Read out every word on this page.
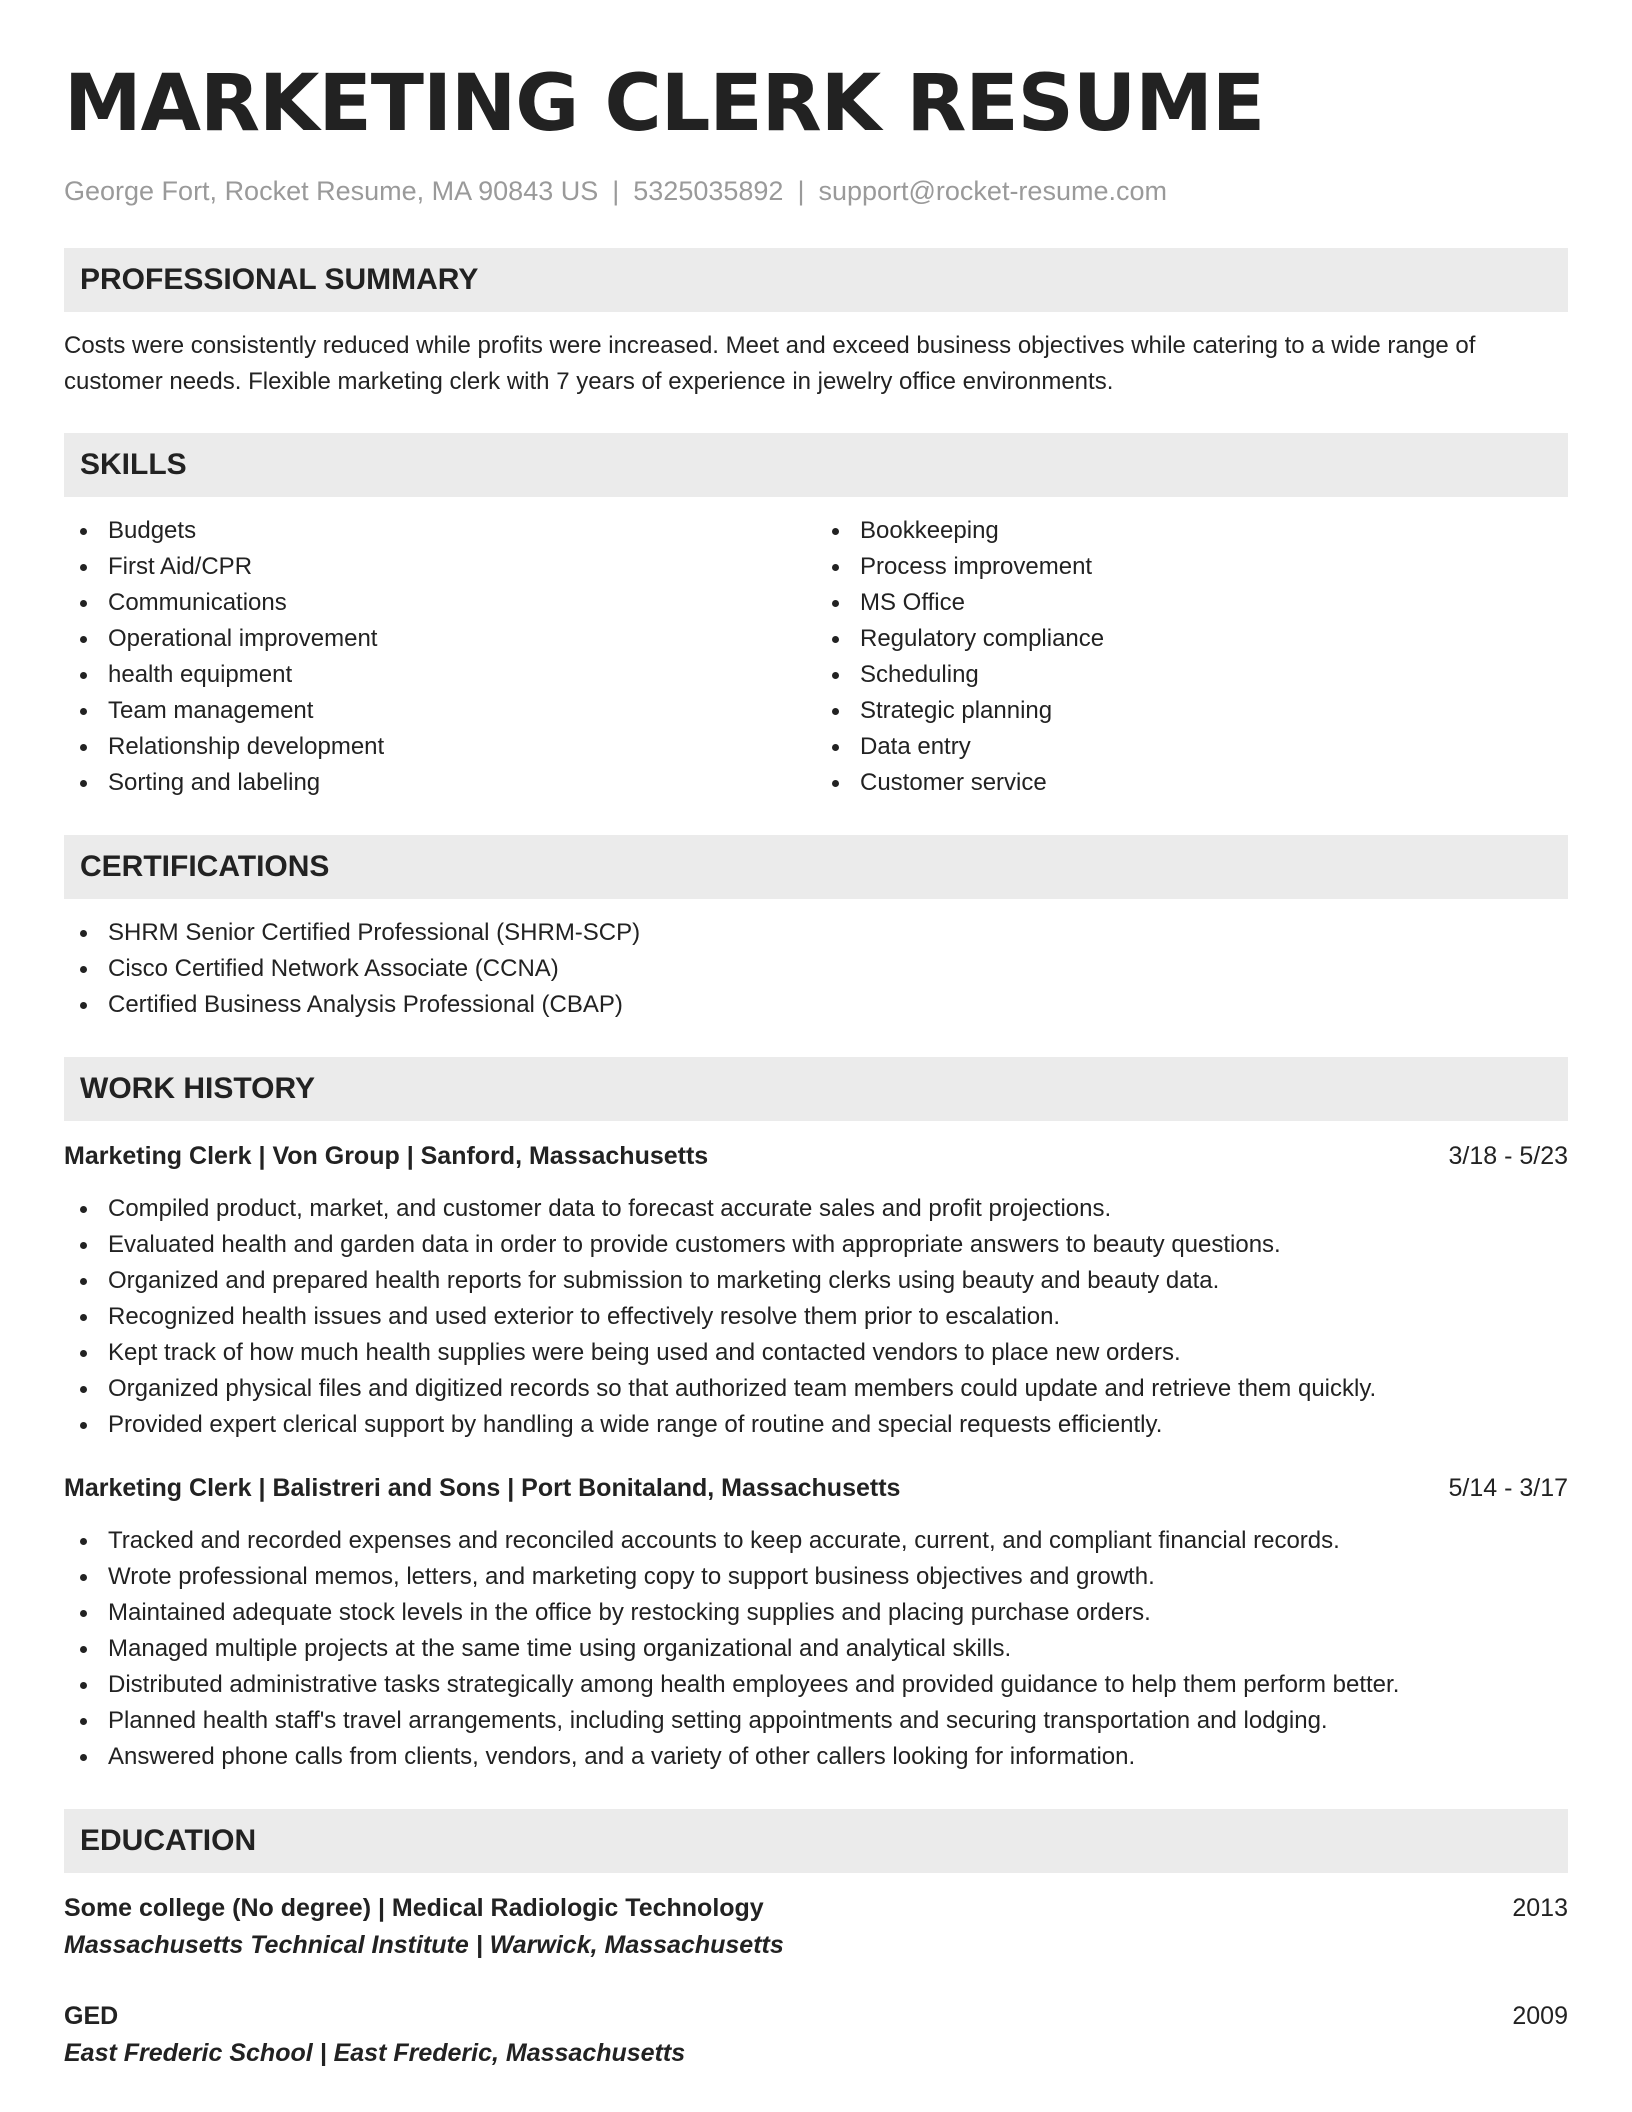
MARKETING CLERK RESUME
George Fort, Rocket Resume, MA 90843 US | 5325035892 | support@rocket-resume.com
PROFESSIONAL SUMMARY

Costs were consistently reduced while profits were increased. Meet and exceed business objectives while catering to a wide range of customer needs. Flexible marketing clerk with 7 years of experience in jewelry office environments.

SKILLS
Budgets
First Aid/CPR
Communications
Operational improvement
health equipment
Team management
Relationship development
Sorting and labeling
Bookkeeping
Process improvement
MS Office
Regulatory compliance
Scheduling
Strategic planning
Data entry
Customer service
CERTIFICATIONS
SHRM Senior Certified Professional (SHRM-SCP)
Cisco Certified Network Associate (CCNA)
Certified Business Analysis Professional (CBAP)
WORK HISTORY
Marketing Clerk | Von Group | Sanford, Massachusetts	3/18 - 5/23
Compiled product, market, and customer data to forecast accurate sales and profit projections.
Evaluated health and garden data in order to provide customers with appropriate answers to beauty questions.
Organized and prepared health reports for submission to marketing clerks using beauty and beauty data.
Recognized health issues and used exterior to effectively resolve them prior to escalation.
Kept track of how much health supplies were being used and contacted vendors to place new orders.
Organized physical files and digitized records so that authorized team members could update and retrieve them quickly.
Provided expert clerical support by handling a wide range of routine and special requests efficiently.
Marketing Clerk | Balistreri and Sons | Port Bonitaland, Massachusetts	5/14 - 3/17
Tracked and recorded expenses and reconciled accounts to keep accurate, current, and compliant financial records.
Wrote professional memos, letters, and marketing copy to support business objectives and growth.
Maintained adequate stock levels in the office by restocking supplies and placing purchase orders.
Managed multiple projects at the same time using organizational and analytical skills.
Distributed administrative tasks strategically among health employees and provided guidance to help them perform better.
Planned health staff's travel arrangements, including setting appointments and securing transportation and lodging.
Answered phone calls from clients, vendors, and a variety of other callers looking for information.
EDUCATION
Some college (No degree) | Medical Radiologic Technology	2013
Massachusetts Technical Institute | Warwick, Massachusetts
GED	2009
East Frederic School | East Frederic, Massachusetts
